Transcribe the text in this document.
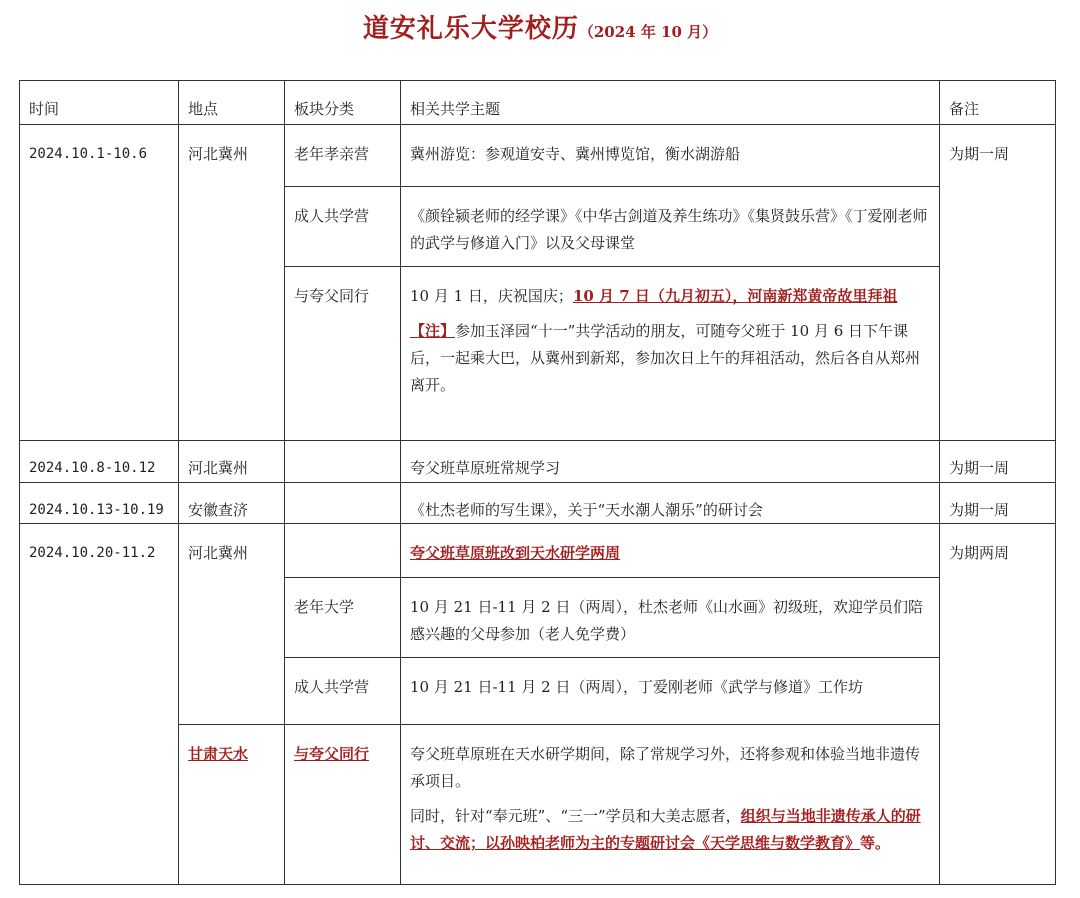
道安礼乐大学校历（2024 年 10 月）
时间	地点	板块分类	相关共学主题	备注
2024.10.1-10.6	河北冀州	老年孝亲营	冀州游览：参观道安寺、冀州博览馆，衡水湖游船	为期一周
		成人共学营	《颜铨颍老师的经学课》《中华古剑道及养生练功》《集贤鼓乐营》《丁爱刚老师的武学与修道入门》以及父母课堂	
		与夸父同行	10 月 1 日，庆祝国庆；10 月 7 日（九月初五），河南新郑黄帝故里拜祖

【注】参加玉泽园“十一”共学活动的朋友，可随夸父班于 10 月 6 日下午课后，一起乘大巴，从冀州到新郑，参加次日上午的拜祖活动，然后各自从郑州离开。	

2024.10.8-10.12	河北冀州		夸父班草原班常规学习	为期一周
2024.10.13-10.19	安徽查济		《杜杰老师的写生课》，关于“天水潮人潮乐”的研讨会	为期一周
2024.10.20-11.2	河北冀州		夸父班草原班改到天水研学两周	为期两周
		老年大学	10 月 21 日-11 月 2 日（两周），杜杰老师《山水画》初级班，欢迎学员们陪感兴趣的父母参加（老人免学费）	
		成人共学营	10 月 21 日-11 月 2 日（两周），丁爱刚老师《武学与修道》工作坊	
	甘肃天水	与夸父同行	夸父班草原班在天水研学期间，除了常规学习外，还将参观和体验当地非遗传承项目。

同时，针对“奉元班”、“三一”学员和大美志愿者，组织与当地非遗传承人的研讨、交流；以孙映柏老师为主的专题研讨会《天学思维与数学教育》等。	
